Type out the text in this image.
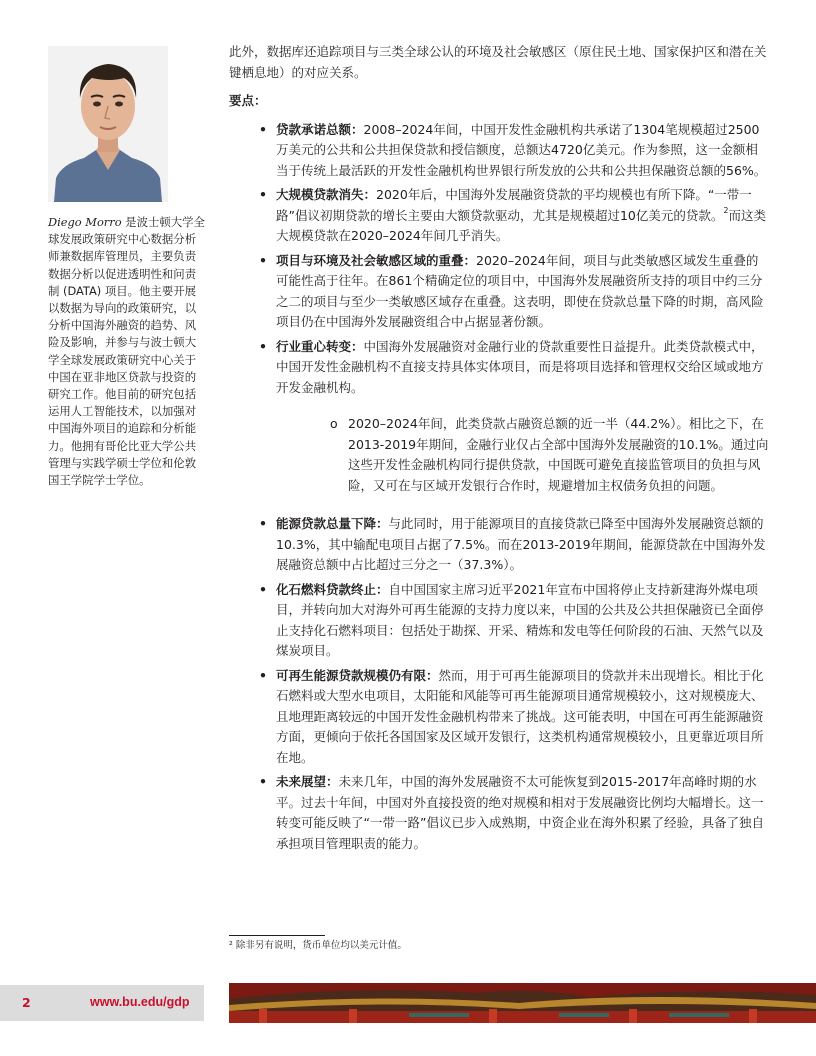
Diego Morro 是波士顿大学全球发展政策研究中心数据分析师兼数据库管理员，主要负责数据分析以促进透明性和问责制 (DATA) 项目。他主要开展以数据为导向的政策研究，以分析中国海外融资的趋势、风险及影响，并参与与波士顿大学全球发展政策研究中心关于中国在亚非地区贷款与投资的研究工作。他目前的研究包括运用人工智能技术，以加强对中国海外项目的追踪和分析能力。他拥有哥伦比亚大学公共管理与实践学硕士学位和伦敦国王学院学士学位。

此外，数据库还追踪项目与三类全球公认的环境及社会敏感区（原住民土地、国家保护区和潜在关键栖息地）的对应关系。

要点：

• 贷款承诺总额：2008–2024年间，中国开发性金融机构共承诺了1304笔规模超过2500万美元的公共和公共担保贷款和授信额度，总额达4720亿美元。作为参照，这一金额相当于传统上最活跃的开发性金融机构世界银行所发放的公共和公共担保融资总额的56%。
• 大规模贷款消失：2020年后，中国海外发展融资贷款的平均规模也有所下降。“一带一路”倡议初期贷款的增长主要由大额贷款驱动，尤其是规模超过10亿美元的贷款。$^2$而这类大规模贷款在2020–2024年间几乎消失。
• 项目与环境及社会敏感区域的重叠：2020–2024年间，项目与此类敏感区域发生重叠的可能性高于往年。在861个精确定位的项目中，中国海外发展融资所支持的项目中约三分之二的项目与至少一类敏感区域存在重叠。这表明，即使在贷款总量下降的时期，高风险项目仍在中国海外发展融资组合中占据显著份额。
• 行业重心转变：中国海外发展融资对金融行业的贷款重要性日益提升。此类贷款模式中，中国开发性金融机构不直接支持具体实体项目，而是将项目选择和管理权交给区域或地方开发金融机构。
o 2020–2024年间，此类贷款占融资总额的近一半（44.2%）。相比之下，在2013-2019年期间，金融行业仅占全部中国海外发展融资的10.1%。通过向这些开发性金融机构同行提供贷款，中国既可避免直接监管项目的负担与风险，又可在与区域开发银行合作时，规避增加主权债务负担的问题。
• 能源贷款总量下降：与此同时，用于能源项目的直接贷款已降至中国海外发展融资总额的10.3%，其中输配电项目占据了7.5%。而在2013-2019年期间，能源贷款在中国海外发展融资总额中占比超过三分之一（37.3%）。
• 化石燃料贷款终止：自中国国家主席习近平2021年宣布中国将停止支持新建海外煤电项目，并转向加大对海外可再生能源的支持力度以来，中国的公共及公共担保融资已全面停止支持化石燃料项目：包括处于勘探、开采、精炼和发电等任何阶段的石油、天然气以及煤炭项目。
• 可再生能源贷款规模仍有限：然而，用于可再生能源项目的贷款并未出现增长。相比于化石燃料或大型水电项目，太阳能和风能等可再生能源项目通常规模较小，这对规模庞大、且地理距离较远的中国开发性金融机构带来了挑战。这可能表明，中国在可再生能源融资方面，更倾向于依托各国国家及区域开发银行，这类机构通常规模较小，且更靠近项目所在地。
• 未来展望：未来几年，中国的海外发展融资不太可能恢复到2015-2017年高峰时期的水平。过去十年间，中国对外直接投资的绝对规模和相对于发展融资比例均大幅增长。这一转变可能反映了“一带一路”倡议已步入成熟期，中资企业在海外积累了经验，具备了独自承担项目管理职责的能力。
² 除非另有说明，货币单位均以美元计值。
2	www.bu.edu/gdp
